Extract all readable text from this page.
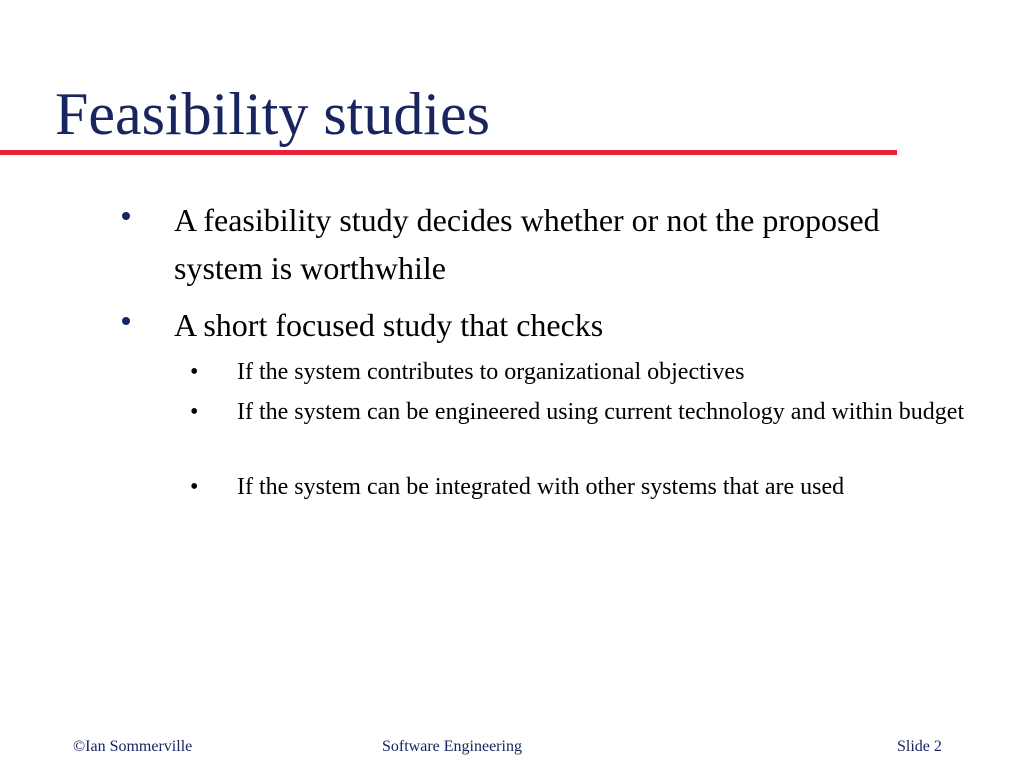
Feasibility studies
A feasibility study decides whether or not the proposed system is worthwhile
A short focused study that checks
• If the system contributes to organizational objectives
• If the system can be engineered using current technology and within budget
• If the system can be integrated with other systems that are used
©Ian Sommerville	Software Engineering	Slide 2
